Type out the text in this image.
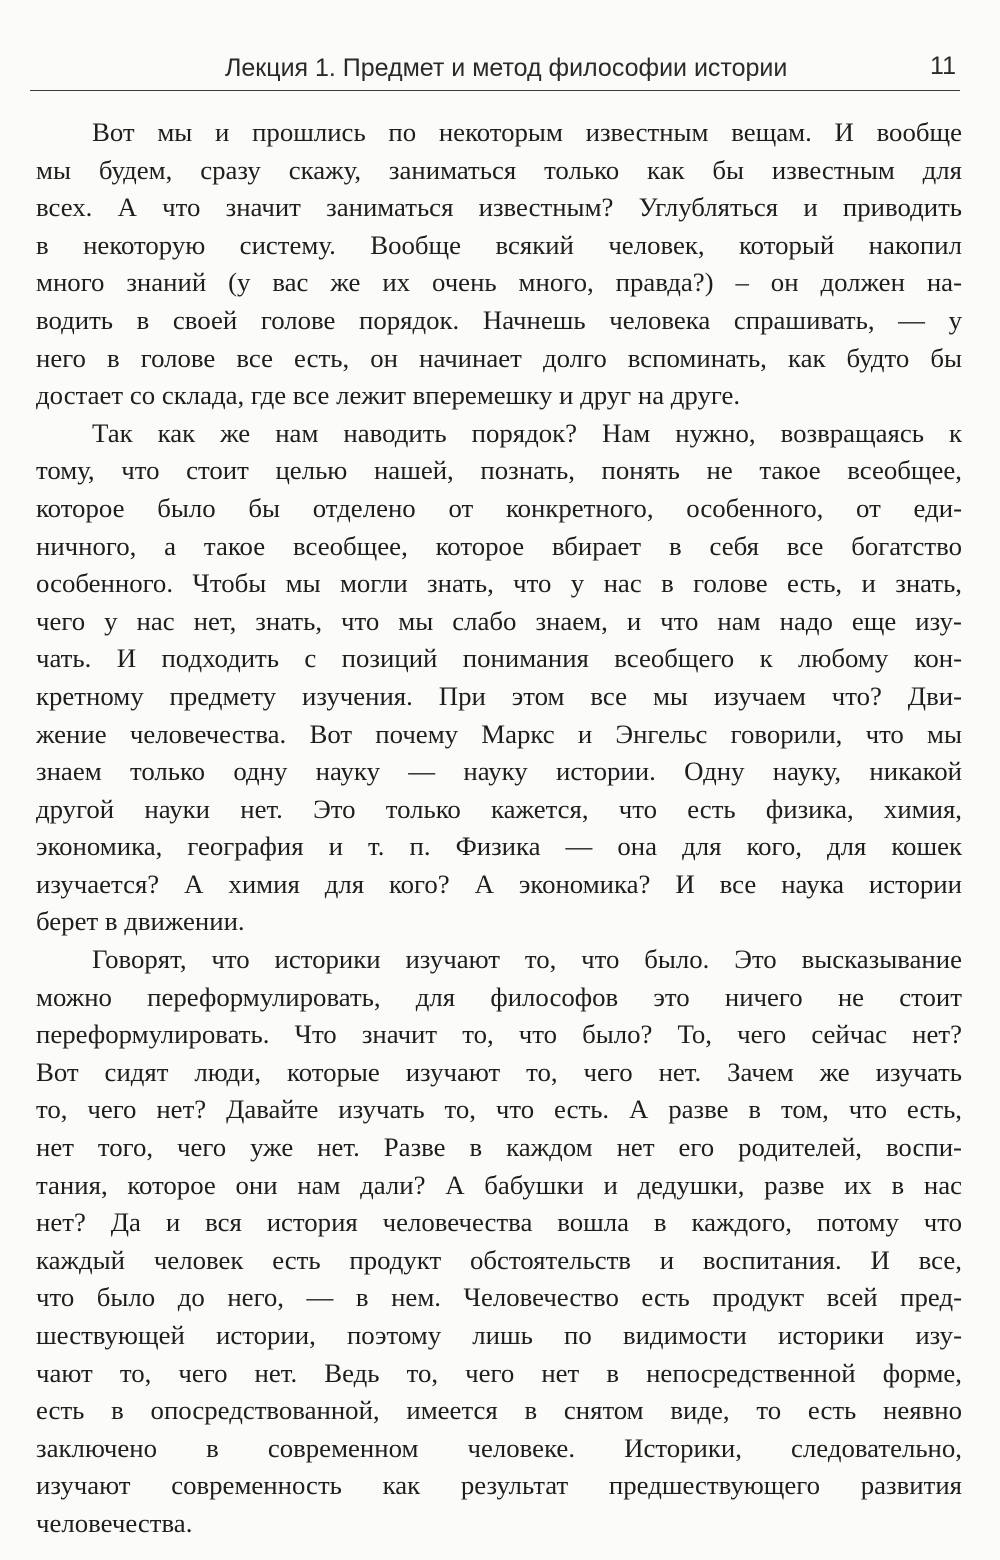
Лекция 1. Предмет и метод философии истории	11
Вот мы и прошлись по некоторым известным вещам. И вообще
мы будем, сразу скажу, заниматься только как бы известным для
всех. А что значит заниматься известным? Углубляться и приводить
в некоторую систему. Вообще всякий человек, который накопил
много знаний (у вас же их очень много, правда?) – он должен на-
водить в своей голове порядок. Начнешь человека спрашивать, — у
него в голове все есть, он начинает долго вспоминать, как будто бы
достает со склада, где все лежит вперемешку и друг на друге.
Так как же нам наводить порядок? Нам нужно, возвращаясь к
тому, что стоит целью нашей, познать, понять не такое всеобщее,
которое было бы отделено от конкретного, особенного, от еди-
ничного, а такое всеобщее, которое вбирает в себя все богатство
особенного. Чтобы мы могли знать, что у нас в голове есть, и знать,
чего у нас нет, знать, что мы слабо знаем, и что нам надо еще изу-
чать. И подходить с позиций понимания всеобщего к любому кон-
кретному предмету изучения. При этом все мы изучаем что? Дви-
жение человечества. Вот почему Маркс и Энгельс говорили, что мы
знаем только одну науку — науку истории. Одну науку, никакой
другой науки нет. Это только кажется, что есть физика, химия,
экономика, география и т. п. Физика — она для кого, для кошек
изучается? А химия для кого? А экономика? И все наука истории
берет в движении.
Говорят, что историки изучают то, что было. Это высказывание
можно переформулировать, для философов это ничего не стоит
переформулировать. Что значит то, что было? То, чего сейчас нет?
Вот сидят люди, которые изучают то, чего нет. Зачем же изучать
то, чего нет? Давайте изучать то, что есть. А разве в том, что есть,
нет того, чего уже нет. Разве в каждом нет его родителей, воспи-
тания, которое они нам дали? А бабушки и дедушки, разве их в нас
нет? Да и вся история человечества вошла в каждого, потому что
каждый человек есть продукт обстоятельств и воспитания. И все,
что было до него, — в нем. Человечество есть продукт всей пред-
шествующей истории, поэтому лишь по видимости историки изу-
чают то, чего нет. Ведь то, чего нет в непосредственной форме,
есть в опосредствованной, имеется в снятом виде, то есть неявно
заключено в современном человеке. Историки, следовательно,
изучают современность как результат предшествующего развития
человечества.
